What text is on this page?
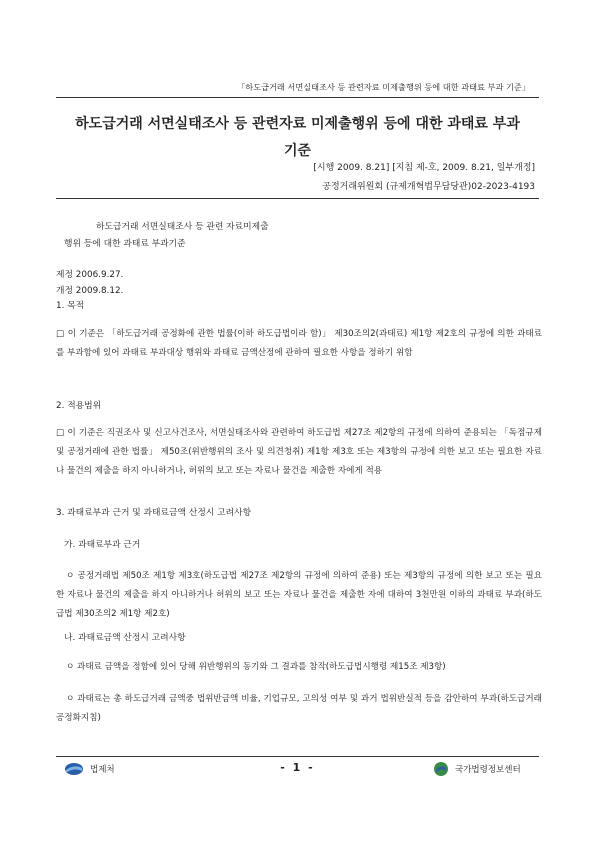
「하도급거래 서면실태조사 등 관련자료 미제출행위 등에 대한 과태료 부과 기준」
하도급거래 서면실태조사 등 관련자료 미제출행위 등에 대한 과태료 부과
기준
[시행 2009. 8.21] [지침 제-호, 2009. 8.21, 일부개정]
공정거래위원회 (규제개혁법무담당관)02-2023-4193
하도급거래 서면실태조사 등 관련 자료미제출
행위 등에 대한 과태료 부과기준
제정 2006.9.27.
개정 2009.8.12.
1. 목적
□ 이 기준은 「하도급거래 공정화에 관한 법률(이하 하도급법이라 함)」 제30조의2(과태료) 제1항 제2호의 규정에 의한 과태료를 부과함에 있어 과태료 부과대상 행위와 과태료 금액산정에 관하여 필요한 사항을 정하기 위함
2. 적용범위
□ 이 기준은 직권조사 및 신고사건조사, 서면실태조사와 관련하여 하도급법 제27조 제2항의 규정에 의하여 준용되는 「독점규제 및 공정거래에 관한 법률」 제50조(위반행위의 조사 및 의견청취) 제1항 제3호 또는 제3항의 규정에 의한 보고 또는 필요한 자료나 물건의 제출을 하지 아니하거나, 허위의 보고 또는 자료나 물건을 제출한 자에게 적용
3. 과태료부과 근거 및 과태료금액 산정시 고려사항
가. 과태료부과 근거
ㅇ 공정거래법 제50조 제1항 제3호(하도급법 제27조 제2항의 규정에 의하여 준용) 또는 제3항의 규정에 의한 보고 또는 필요한 자료나 물건의 제출을 하지 아니하거나 허위의 보고 또는 자료나 물건을 제출한 자에 대하여 3천만원 이하의 과태료 부과(하도급법 제30조의2 제1항 제2호)
나. 과태료금액 산정시 고려사항
ㅇ 과태료 금액을 정함에 있어 당해 위반행위의 동기와 그 결과를 참작(하도급법시행령 제15조 제3항)
ㅇ 과태료는 총 하도급거래 금액중 법위반금액 비율, 기업규모, 고의성 여부 및 과거 법위반실적 등을 감안하여 부과(하도급거래공정화지침)
법제처	- 1 -	국가법령정보센터
